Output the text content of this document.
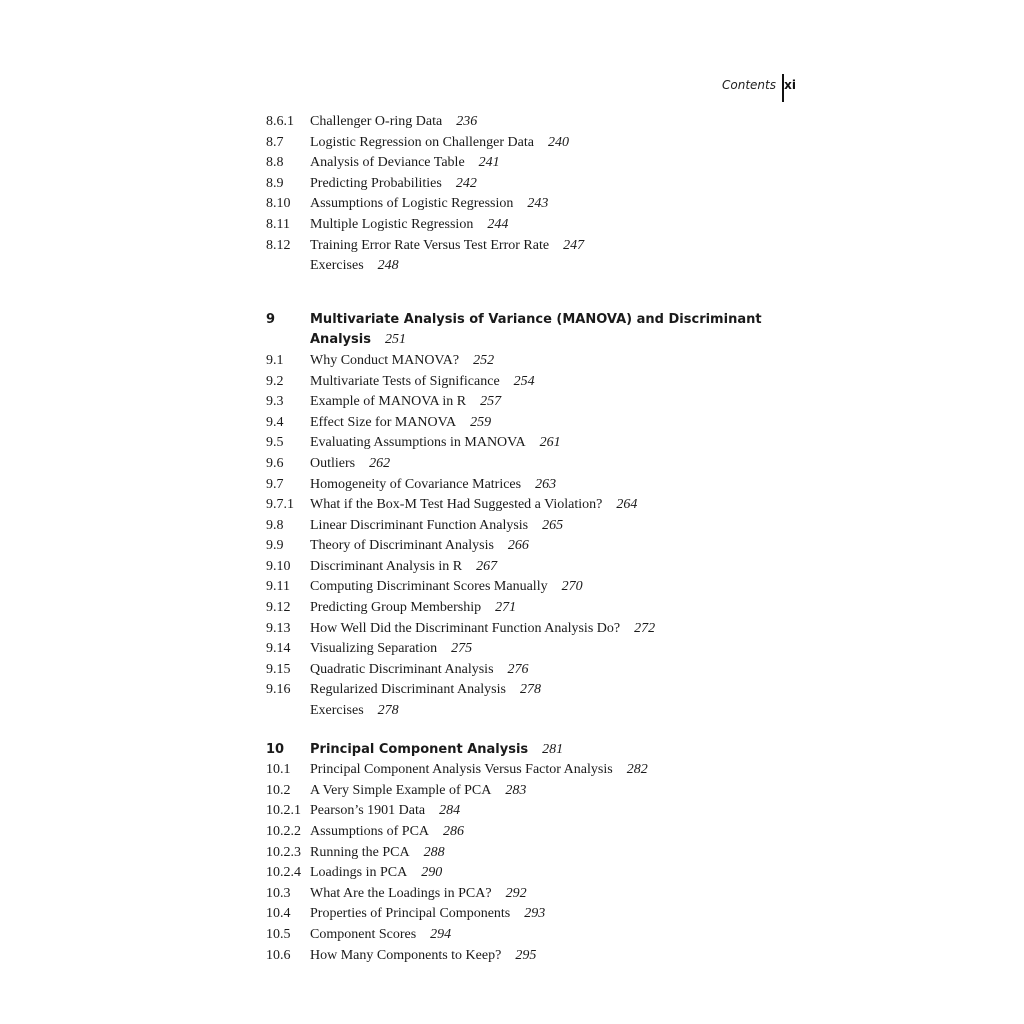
Contents xi
8.6.1	Challenger O-ring Data 236
8.7	Logistic Regression on Challenger Data 240
8.8	Analysis of Deviance Table 241
8.9	Predicting Probabilities 242
8.10	Assumptions of Logistic Regression 243
8.11	Multiple Logistic Regression 244
8.12	Training Error Rate Versus Test Error Rate 247
Exercises 248
9	Multivariate Analysis of Variance (MANOVA) and Discriminant
Analysis 251
9.1	Why Conduct MANOVA? 252
9.2	Multivariate Tests of Significance 254
9.3	Example of MANOVA in R 257
9.4	Effect Size for MANOVA 259
9.5	Evaluating Assumptions in MANOVA 261
9.6	Outliers 262
9.7	Homogeneity of Covariance Matrices 263
9.7.1	What if the Box-M Test Had Suggested a Violation? 264
9.8	Linear Discriminant Function Analysis 265
9.9	Theory of Discriminant Analysis 266
9.10	Discriminant Analysis in R 267
9.11	Computing Discriminant Scores Manually 270
9.12	Predicting Group Membership 271
9.13	How Well Did the Discriminant Function Analysis Do? 272
9.14	Visualizing Separation 275
9.15	Quadratic Discriminant Analysis 276
9.16	Regularized Discriminant Analysis 278
Exercises 278
10	Principal Component Analysis 281
10.1	Principal Component Analysis Versus Factor Analysis 282
10.2	A Very Simple Example of PCA 283
10.2.1 Pearson’s 1901 Data 284
10.2.2 Assumptions of PCA 286
10.2.3 Running the PCA 288
10.2.4 Loadings in PCA 290
10.3	What Are the Loadings in PCA? 292
10.4	Properties of Principal Components 293
10.5	Component Scores 294
10.6	How Many Components to Keep? 295
